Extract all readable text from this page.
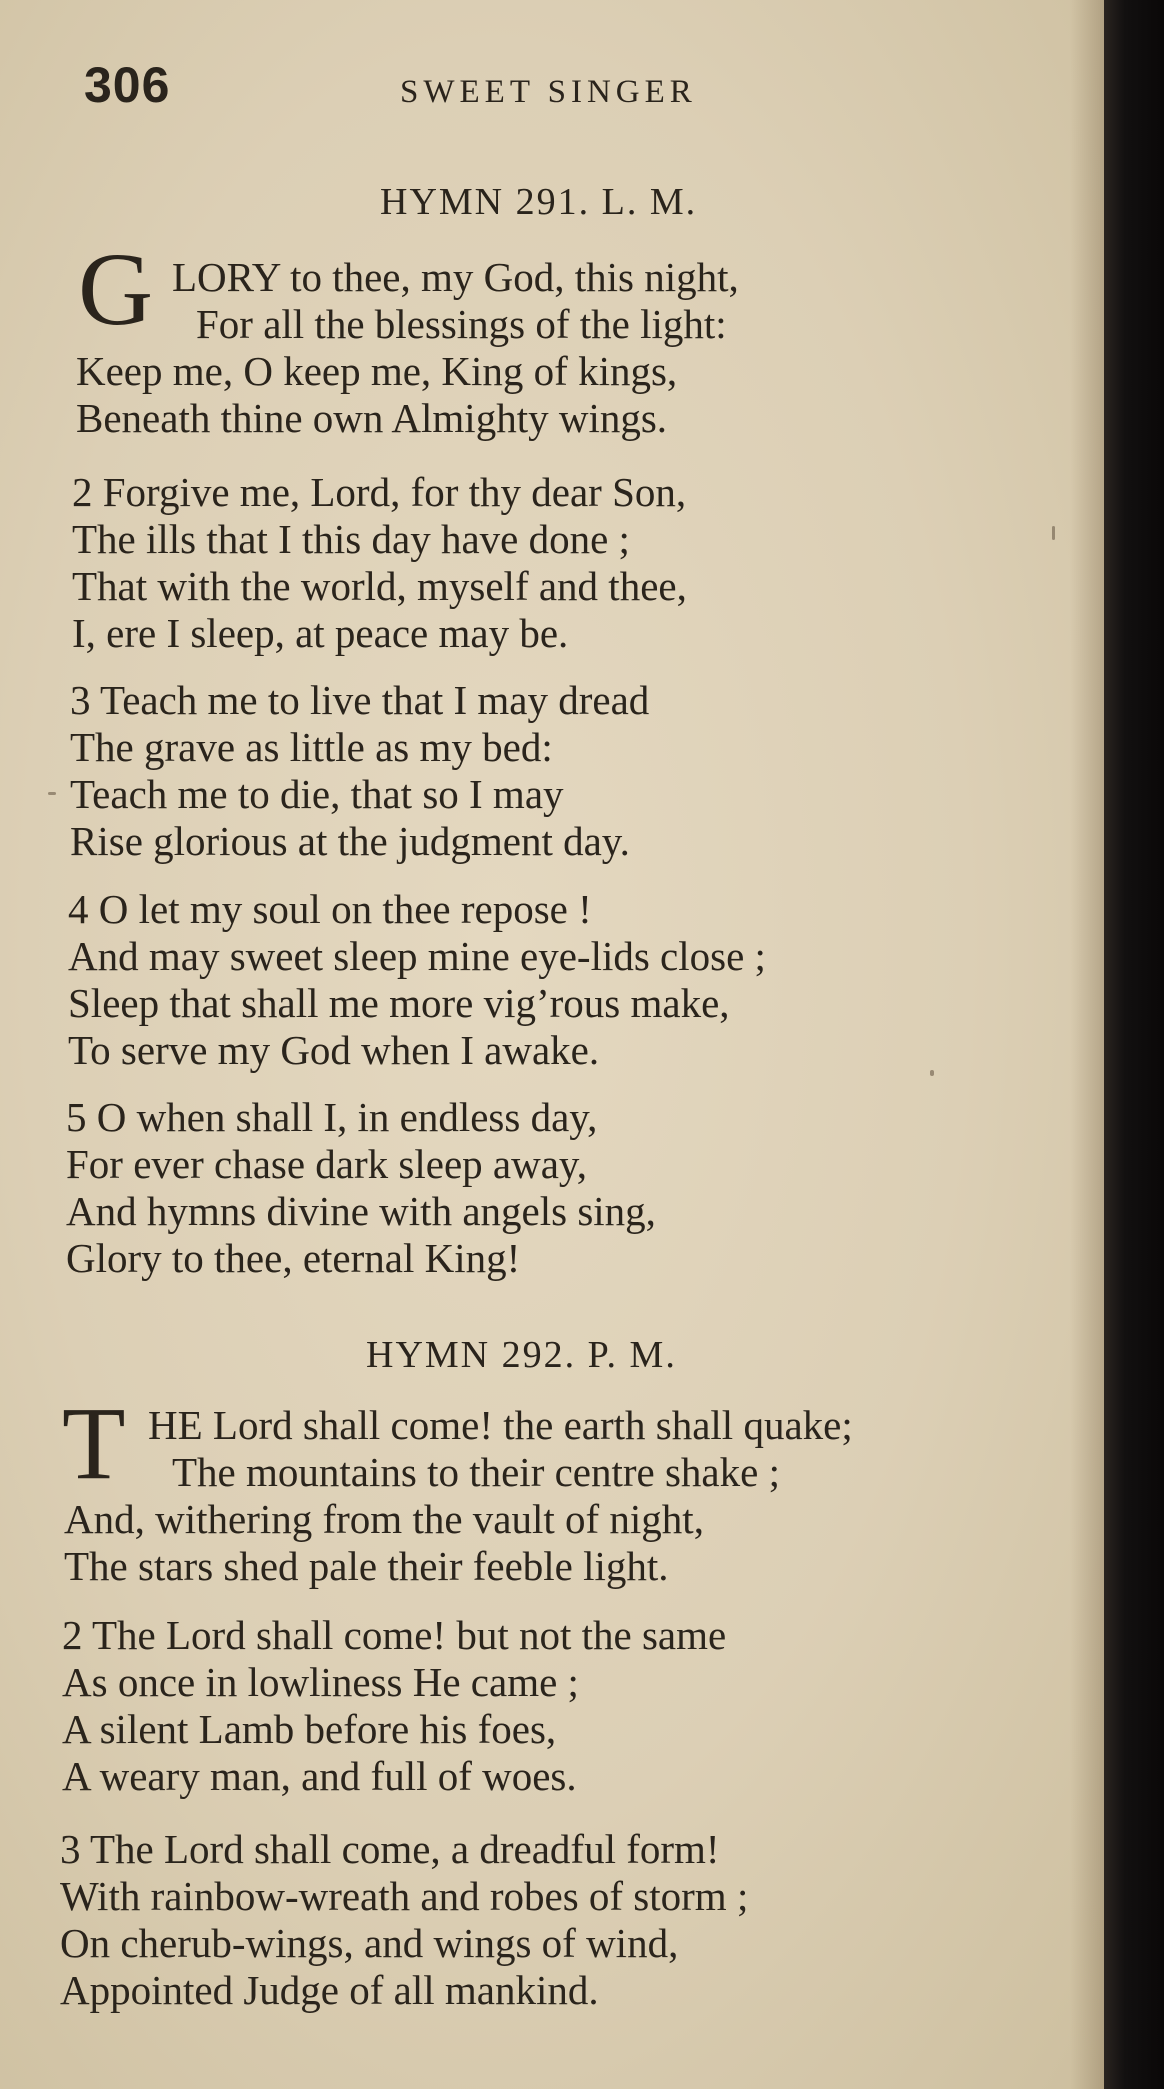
306	SWEET SINGER
HYMN 291. L. M.
G LORY to thee, my God, this night,
For all the blessings of the light:
Keep me, O keep me, King of kings,
Beneath thine own Almighty wings.
2 Forgive me, Lord, for thy dear Son,
The ills that I this day have done ;
That with the world, myself and thee,
I, ere I sleep, at peace may be.
3 Teach me to live that I may dread
The grave as little as my bed:
Teach me to die, that so I may
Rise glorious at the judgment day.
4 O let my soul on thee repose !
And may sweet sleep mine eye-lids close ;
Sleep that shall me more vig’rous make,
To serve my God when I awake.
5 O when shall I, in endless day,
For ever chase dark sleep away,
And hymns divine with angels sing,
Glory to thee, eternal King!
HYMN 292. P. M.
T HE Lord shall come! the earth shall quake;
The mountains to their centre shake ;
And, withering from the vault of night,
The stars shed pale their feeble light.
2 The Lord shall come! but not the same
As once in lowliness He came ;
A silent Lamb before his foes,
A weary man, and full of woes.
3 The Lord shall come, a dreadful form!
With rainbow-wreath and robes of storm ;
On cherub-wings, and wings of wind,
Appointed Judge of all mankind.
